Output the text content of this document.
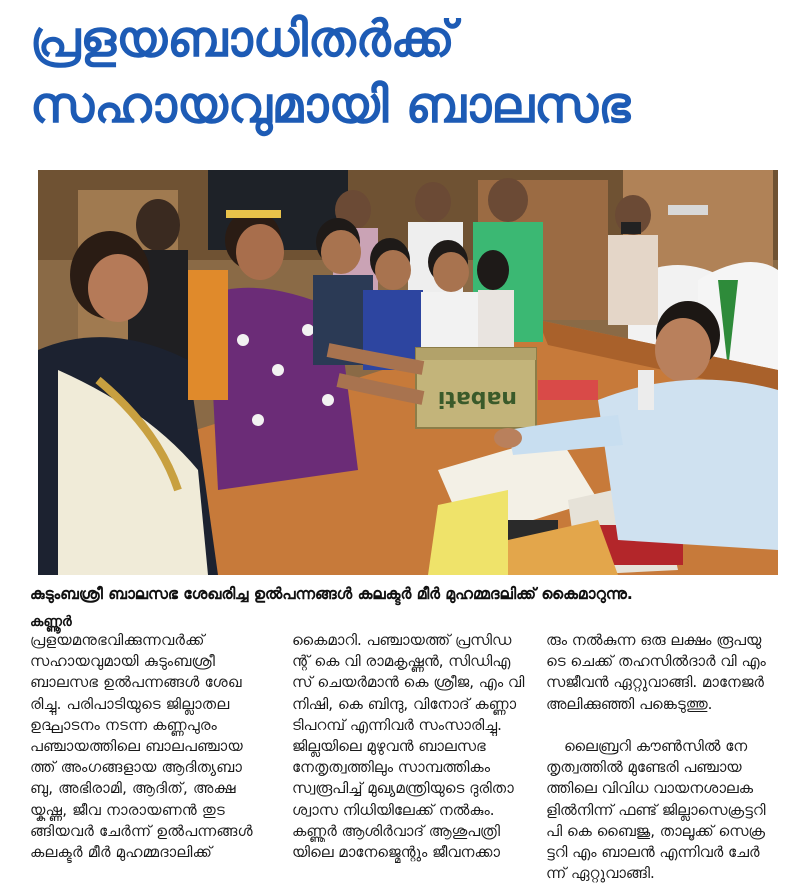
പ്രളയബാധിതർക്ക്
സഹായവുമായി ബാലസഭ
nabati
കുടുംബശ്രീ ബാലസഭ ശേഖരിച്ച ഉൽപന്നങ്ങൾ കലക്ടർ മീർ മുഹമ്മദലിക്ക് കൈമാറുന്നു.
കണ്ണൂർ
പ്രളയമനുഭവിക്കുന്നവർക്ക്
സഹായവുമായി കുടുംബശ്രീ
ബാലസഭ ഉൽപന്നങ്ങൾ ശേഖ
രിച്ചു. പരിപാടിയുടെ ജില്ലാതല
ഉദ്ഘാടനം നടന്ന കണ്ണപുരം
പഞ്ചായത്തിലെ ബാലപഞ്ചായ
ത്ത് അംഗങ്ങളായ ആദിത്യബാ
ബു, അഭിരാമി, ആദിത്, അക്ഷ
യ്കൃഷ്ണ, ജീവ നാരായണൻ തുട
ങ്ങിയവർ ചേർന്ന് ഉൽപന്നങ്ങൾ
കലക്ടർ മീർ മുഹമ്മദാലിക്ക്
കൈമാറി. പഞ്ചായത്ത് പ്രസിഡ
ന്റ് കെ വി രാമകൃഷ്ണൻ, സിഡിഎ
സ് ചെയർമാൻ കെ ശ്രീജ, എം വി
നിഷി, കെ ബിന്ദു, വിനോദ് കണ്ണാ
ടിപറമ്പ് എന്നിവർ സംസാരിച്ചു.
ജില്ലയിലെ മുഴുവൻ ബാലസഭ
നേതൃത്വത്തിലും സാമ്പത്തികം
സ്വരൂപിച്ച് മുഖ്യമന്ത്രിയുടെ ദുരിതാ
ശ്വാസ നിധിയിലേക്ക് നൽകും.
കണ്ണൂർ ആശിർവാദ് ആശുപത്രി
യിലെ മാനേജ്മെന്റും ജീവനക്കാ
രും നൽകുന്ന ഒരു ലക്ഷം രൂപയു
ടെ ചെക്ക് തഹസിൽദാർ വി എം
സജീവൻ ഏറ്റുവാങ്ങി. മാനേജർ
അലിക്കുഞ്ഞി പങ്കെടുത്തു.

ലൈബ്രറി കൗൺസിൽ നേ
തൃത്വത്തിൽ മുണ്ടേരി പഞ്ചായ
ത്തിലെ വിവിധ വായനശാലക
ളിൽനിന്ന് ഫണ്ട് ജില്ലാസെക്രട്ടറി
പി കെ ബൈജു, താലൂക്ക് സെക്ര
ട്ടറി എം ബാലൻ എന്നിവർ ചേർ
ന്ന് ഏറ്റുവാങ്ങി.
